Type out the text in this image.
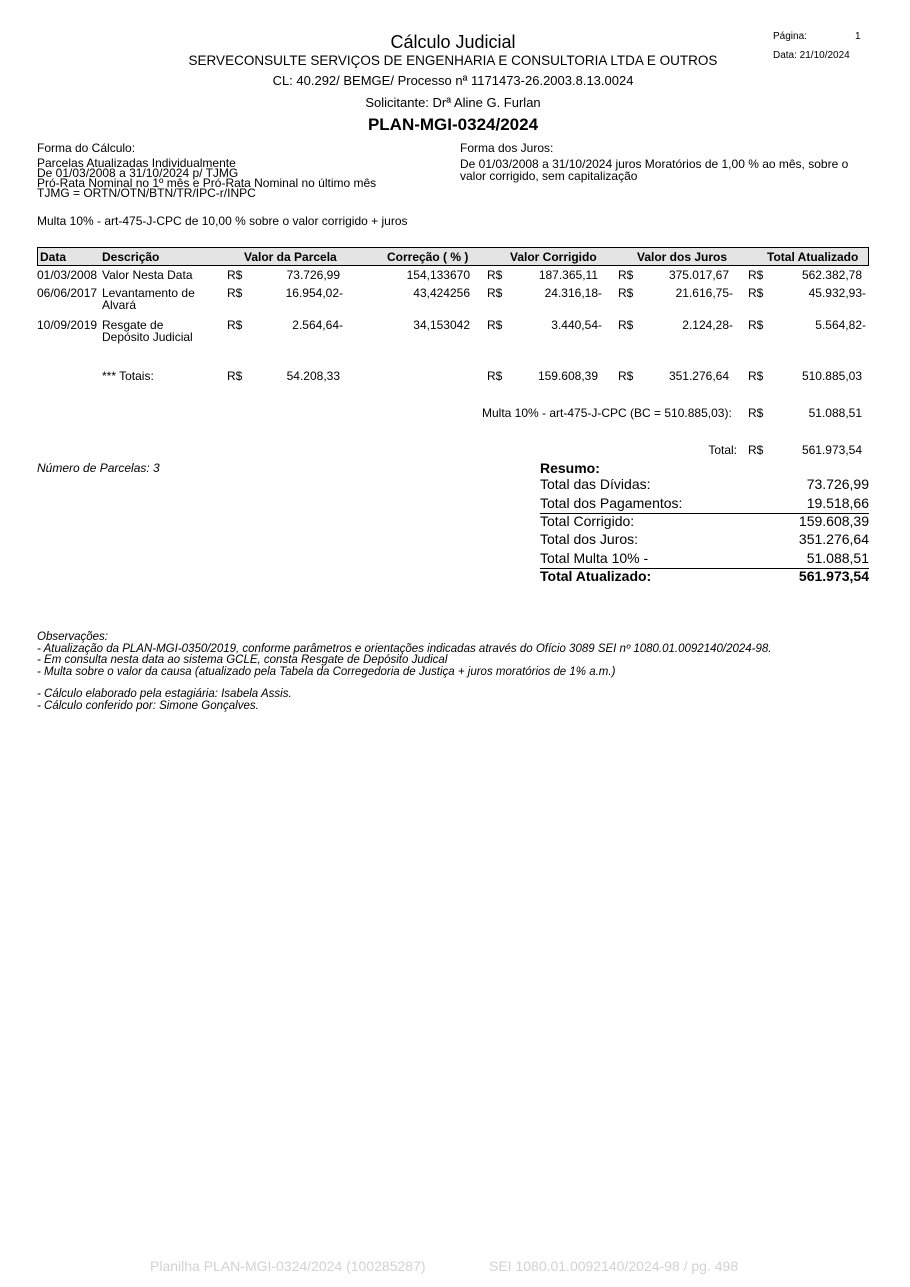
Cálculo Judicial
SERVECONSULTE SERVIÇOS DE ENGENHARIA E CONSULTORIA LTDA E OUTROS
CL: 40.292/ BEMGE/ Processo nª 1171473-26.2003.8.13.0024
Solicitante: Drª Aline G. Furlan
PLAN-MGI-0324/2024
Página:	1
Data: 21/10/2024
Forma do Cálculo:
Parcelas Atualizadas Individualmente
De 01/03/2008 a 31/10/2024 p/ TJMG
Pró-Rata Nominal no 1º mês e Pró-Rata Nominal no último mês
TJMG = ORTN/OTN/BTN/TR/IPC-r/INPC
Multa 10% - art-475-J-CPC de 10,00 % sobre o valor corrigido + juros
Forma dos Juros:
De 01/03/2008 a 31/10/2024 juros Moratórios de 1,00 % ao mês, sobre o
valor corrigido, sem capitalização
Data	Descrição	Valor da Parcela	Correção ( % )	Valor Corrigido	Valor dos Juros	Total Atualizado
01/03/2008 Valor Nesta Data	R$	73.726,99	154,133670 R$	187.365,11 R$	375.017,67 R$	562.382,78
06/06/2017 Levantamento de
Alvará
R$	16.954,02-	43,424256 R$	24.316,18- R$	21.616,75- R$	45.932,93-
10/09/2019 Resgate de
Depósito Judicial
R$	2.564,64-	34,153042 R$	3.440,54- R$	2.124,28- R$	5.564,82-
*** Totais:	R$	54.208,33	R$	159.608,39 R$	351.276,64 R$	510.885,03
Multa 10% - art-475-J-CPC (BC = 510.885,03): R$	51.088,51
Total: R$	561.973,54
Número de Parcelas: 3	Resumo:
Total das Dívidas:	73.726,99
Total dos Pagamentos:	19.518,66
Total Corrigido:	159.608,39
Total dos Juros:	351.276,64
Total Multa 10% -	51.088,51
Total Atualizado:	561.973,54
Observações:
- Atualização da PLAN-MGI-0350/2019, conforme parâmetros e orientações indicadas através do Ofício 3089 SEI nº 1080.01.0092140/2024-98.
- Em consulta nesta data ao sistema GCLE, consta Resgate de Depósito Judical
- Multa sobre o valor da causa (atualizado pela Tabela da Corregedoria de Justiça + juros moratórios de 1% a.m.)
- Cálculo elaborado pela estagiária: Isabela Assis.
- Cálculo conferido por: Simone Gonçalves.
Planilha PLAN-MGI-0324/2024 (100285287)	SEI 1080.01.0092140/2024-98 / pg. 498
